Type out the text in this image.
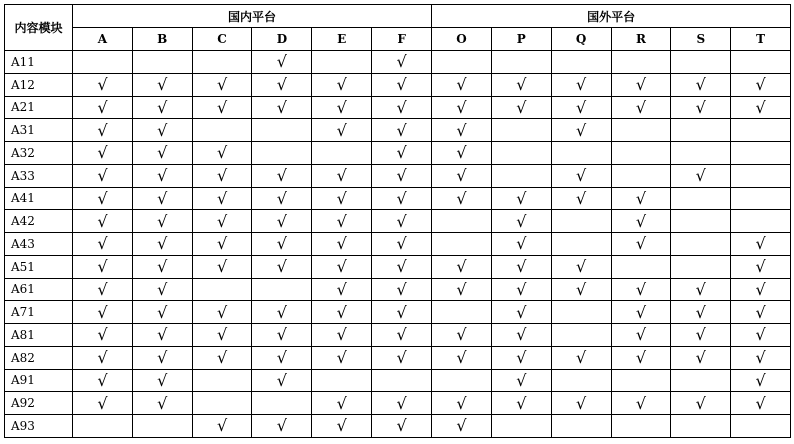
内容模块	国内平台						国外平台					
	A	B	C	D	E	F	O	P	Q	R	S	T
A11				√		√						
A12	√	√	√	√	√	√	√	√	√	√	√	√
A21	√	√	√	√	√	√	√	√	√	√	√	√
A31	√	√			√	√	√		√			
A32	√	√	√			√	√					
A33	√	√	√	√	√	√	√		√		√	
A41	√	√	√	√	√	√	√	√	√	√		
A42	√	√	√	√	√	√		√		√		
A43	√	√	√	√	√	√		√		√		√
A51	√	√	√	√	√	√	√	√	√			√
A61	√	√			√	√	√	√	√	√	√	√
A71	√	√	√	√	√	√		√		√	√	√
A81	√	√	√	√	√	√	√	√		√	√	√
A82	√	√	√	√	√	√	√	√	√	√	√	√
A91	√	√		√				√				√
A92	√	√			√	√	√	√	√	√	√	√
A93			√	√	√	√	√					
